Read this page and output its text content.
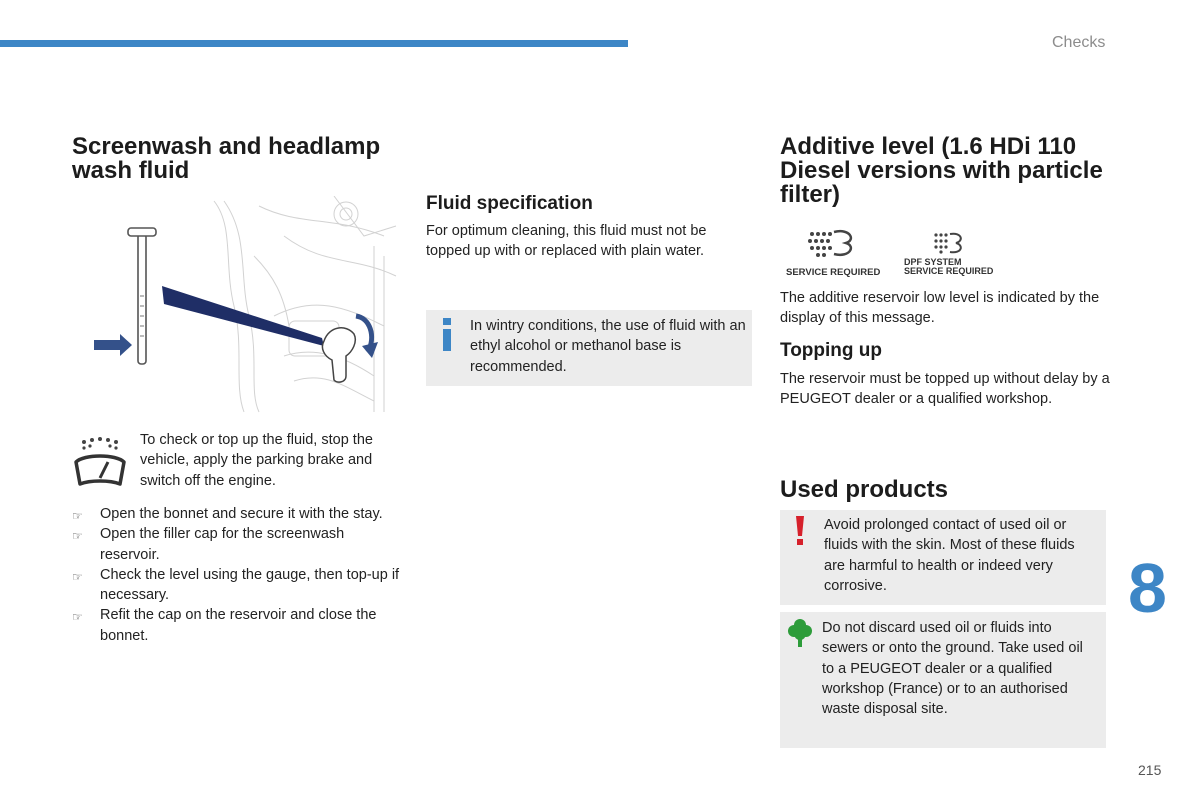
Checks
Screenwash and headlamp wash fluid

To check or top up the fluid, stop the vehicle, apply the parking brake and switch off the engine.

☞ Open the bonnet and secure it with the stay.
☞ Open the filler cap for the screenwash reservoir.
☞ Check the level using the gauge, then top-up if necessary.
☞ Refit the cap on the reservoir and close the bonnet.
Fluid specification

For optimum cleaning, this fluid must not be topped up with or replaced with plain water.

In wintry conditions, the use of fluid with an ethyl alcohol or methanol base is recommended.

Additive level (1.6 HDi 110 Diesel versions with particle filter)
SERVICE REQUIRED
DPF SYSTEM
SERVICE REQUIRED

The additive reservoir low level is indicated by the display of this message.

Topping up

The reservoir must be topped up without delay by a PEUGEOT dealer or a qualified workshop.

Used products

Avoid prolonged contact of used oil or fluids with the skin. Most of these fluids are harmful to health or indeed very corrosive.

Do not discard used oil or fluids into sewers or onto the ground. Take used oil to a PEUGEOT dealer or a qualified workshop (France) or to an authorised waste disposal site.

8
215
